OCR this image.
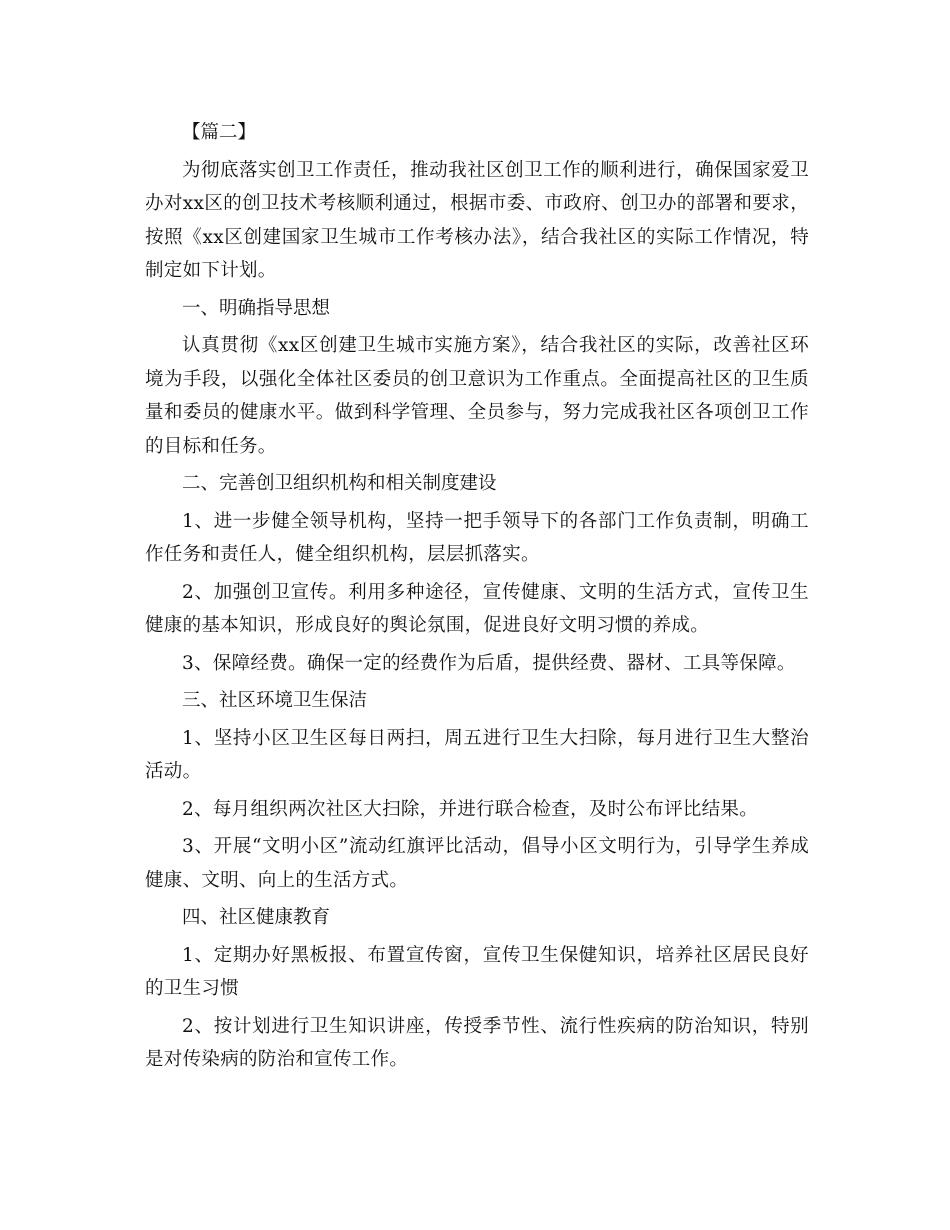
【篇二】

为彻底落实创卫工作责任，推动我社区创卫工作的顺利进行，确保国家爱卫办对xx区的创卫技术考核顺利通过，根据市委、市政府、创卫办的部署和要求，按照《xx区创建国家卫生城市工作考核办法》，结合我社区的实际工作情况，特制定如下计划。

一、明确指导思想

认真贯彻《xx区创建卫生城市实施方案》，结合我社区的实际，改善社区环境为手段，以强化全体社区委员的创卫意识为工作重点。全面提高社区的卫生质量和委员的健康水平。做到科学管理、全员参与，努力完成我社区各项创卫工作的目标和任务。

二、完善创卫组织机构和相关制度建设

1、进一步健全领导机构，坚持一把手领导下的各部门工作负责制，明确工作任务和责任人，健全组织机构，层层抓落实。

2、加强创卫宣传。利用多种途径，宣传健康、文明的生活方式，宣传卫生健康的基本知识，形成良好的舆论氛围，促进良好文明习惯的养成。

3、保障经费。确保一定的经费作为后盾，提供经费、器材、工具等保障。

三、社区环境卫生保洁

1、坚持小区卫生区每日两扫，周五进行卫生大扫除，每月进行卫生大整治活动。

2、每月组织两次社区大扫除，并进行联合检查，及时公布评比结果。

3、开展“文明小区”流动红旗评比活动，倡导小区文明行为，引导学生养成健康、文明、向上的生活方式。

四、社区健康教育

1、定期办好黑板报、布置宣传窗，宣传卫生保健知识，培养社区居民良好的卫生习惯

2、按计划进行卫生知识讲座，传授季节性、流行性疾病的防治知识，特别是对传染病的防治和宣传工作。
